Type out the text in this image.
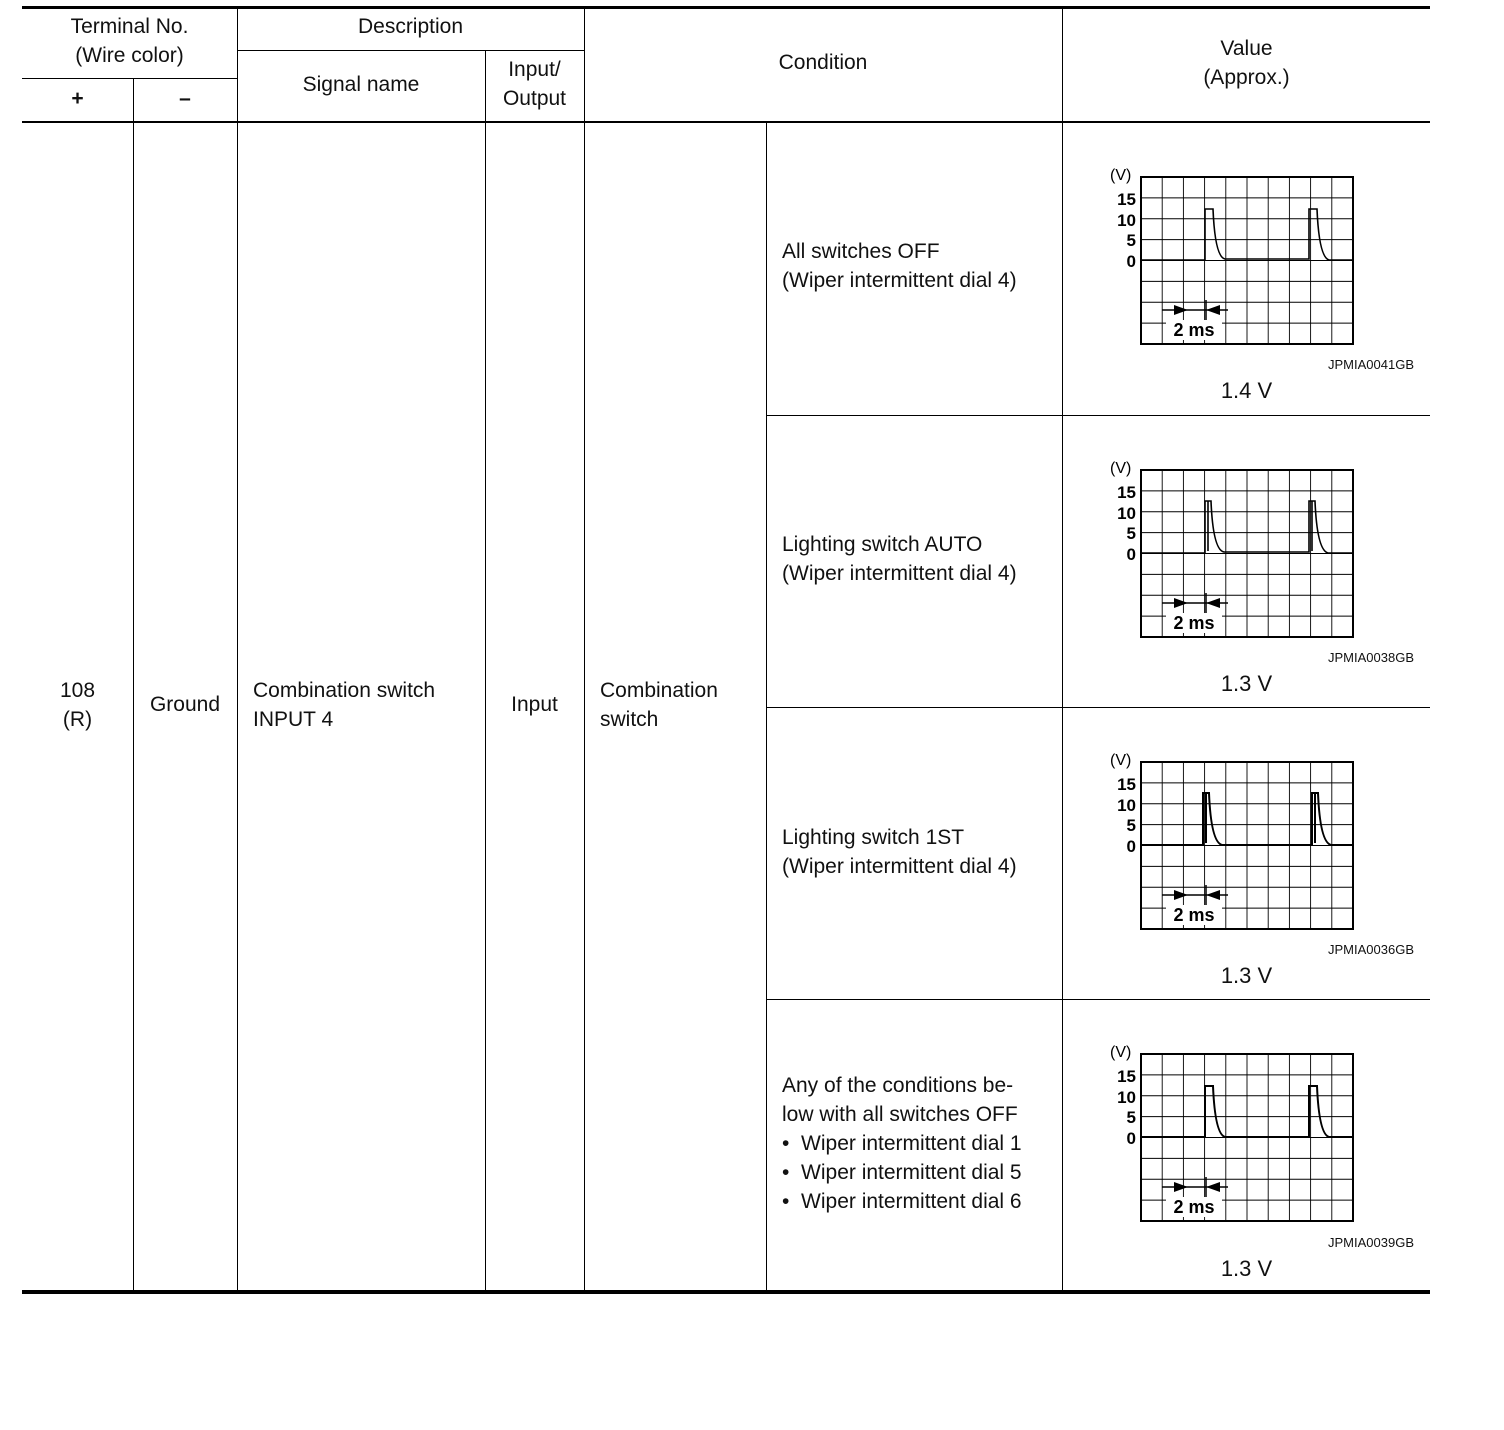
Terminal No.
(Wire color)
+	–
Description
Signal name
Input/
Output
Condition
Value
(Approx.)
108
(R)
Ground
Combination switch
INPUT 4
Input
Combination
switch
All switches OFF
(Wiper intermittent dial 4)
(V)
15
10
5
0
2 ms
JPMIA0041GB
1.4 V
Lighting switch AUTO
(Wiper intermittent dial 4)
(V)
15
10
5
0
2 ms
JPMIA0038GB
1.3 V
Lighting switch 1ST
(Wiper intermittent dial 4)
(V)
15
10
5
0
2 ms
JPMIA0036GB
1.3 V
Any of the conditions be-
low with all switches OFF
•  Wiper intermittent dial 1
•  Wiper intermittent dial 5
•  Wiper intermittent dial 6
(V)
15
10
5
0
2 ms
JPMIA0039GB
1.3 V
